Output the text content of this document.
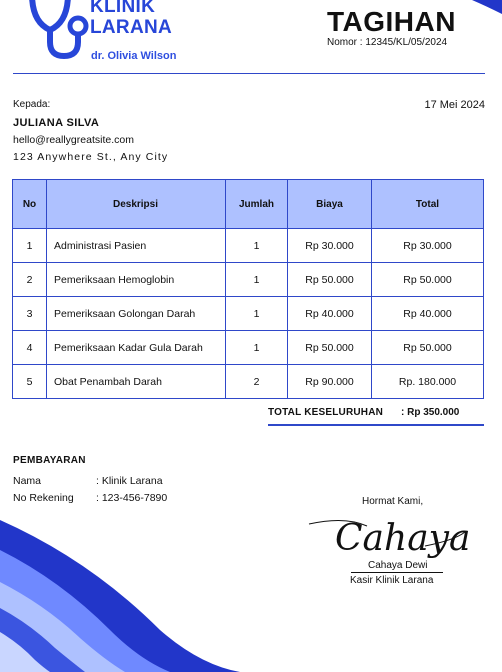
KLINIK
LARANA
dr. Olivia Wilson
TAGIHAN
Nomor : 12345/KL/05/2024
Kepada:	17 Mei 2024
JULIANA SILVA
hello@reallygreatsite.com
123 Anywhere St., Any City
No	Deskripsi	Jumlah	Biaya	Total
1	Administrasi Pasien	1	Rp 30.000	Rp 30.000
2	Pemeriksaan Hemoglobin	1	Rp 50.000	Rp 50.000
3	Pemeriksaan Golongan Darah	1	Rp 40.000	Rp 40.000
4	Pemeriksaan Kadar Gula Darah	1	Rp 50.000	Rp 50.000
5	Obat Penambah Darah	2	Rp 90.000	Rp. 180.000
TOTAL KESELURUHAN : Rp 350.000
PEMBAYARAN
Nama	: Klinik Larana
No Rekening : 123-456-7890	Hormat Kami,
Cahaya
Cahaya Dewi
Kasir Klinik Larana
